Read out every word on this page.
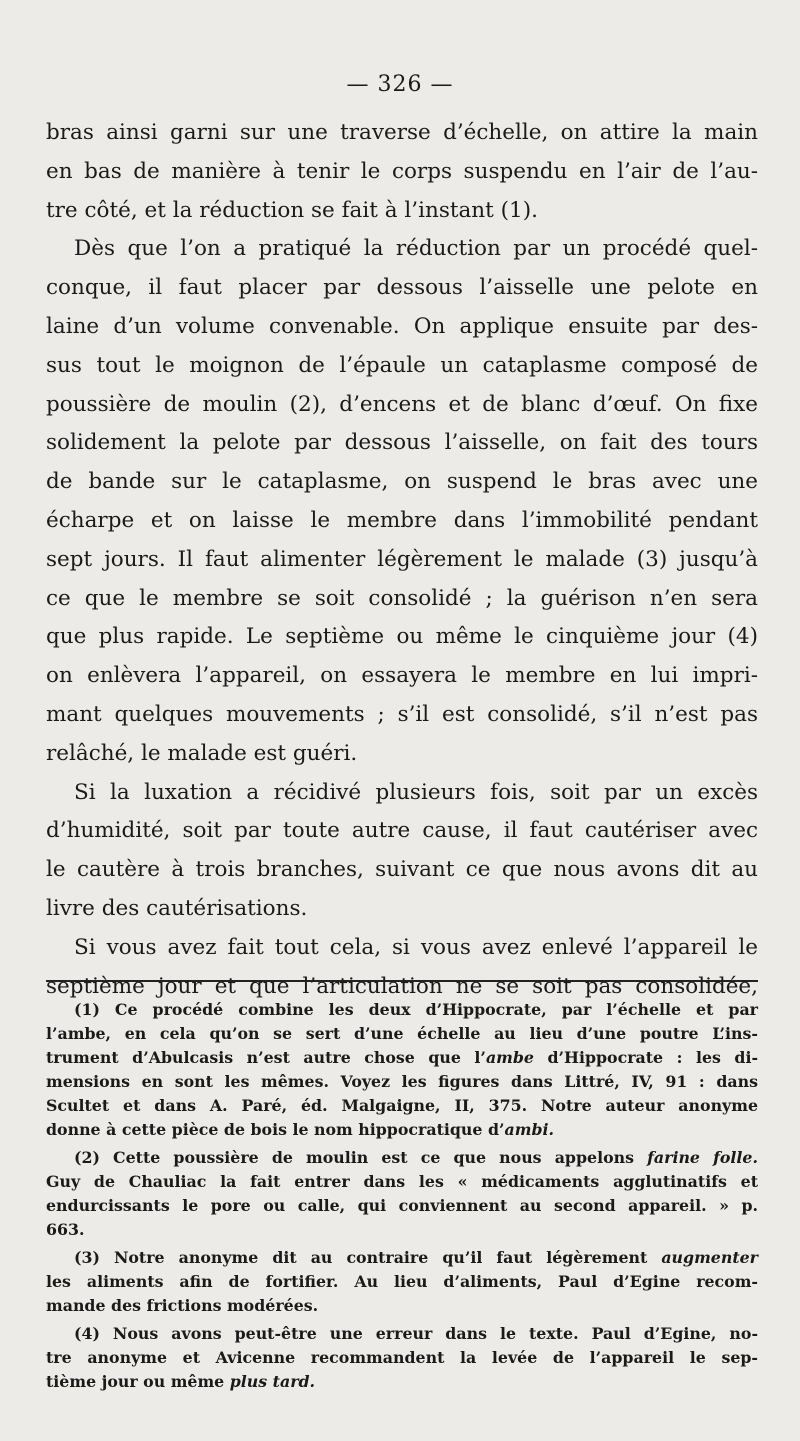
— 326 —

bras ainsi garni sur une traverse d’échelle, on attire la main
en bas de manière à tenir le corps suspendu en l’air de l’au-
tre côté, et la réduction se fait à l’instant (1).

Dès que l’on a pratiqué la réduction par un procédé quel-
conque, il faut placer par dessous l’aisselle une pelote en
laine d’un volume convenable. On applique ensuite par des-
sus tout le moignon de l’épaule un cataplasme composé de
poussière de moulin (2), d’encens et de blanc d’œuf. On fixe
solidement la pelote par dessous l’aisselle, on fait des tours
de bande sur le cataplasme, on suspend le bras avec une
écharpe et on laisse le membre dans l’immobilité pendant
sept jours. Il faut alimenter légèrement le malade (3) jusqu’à
ce que le membre se soit consolidé ; la guérison n’en sera
que plus rapide. Le septième ou même le cinquième jour (4)
on enlèvera l’appareil, on essayera le membre en lui impri-
mant quelques mouvements ; s’il est consolidé, s’il n’est pas
relâché, le malade est guéri.

Si la luxation a récidivé plusieurs fois, soit par un excès
d’humidité, soit par toute autre cause, il faut cautériser avec
le cautère à trois branches, suivant ce que nous avons dit au
livre des cautérisations.

Si vous avez fait tout cela, si vous avez enlevé l’appareil le
septième jour et que l’articulation ne se soit pas consolidée,

(1) Ce procédé combine les deux d’Hippocrate, par l’échelle et par
l’ambe, en cela qu’on se sert d’une échelle au lieu d’une poutre L’ins-
trument d’Abulcasis n’est autre chose que l’ambe d’Hippocrate : les di-
mensions en sont les mêmes. Voyez les figures dans Littré, IV, 91 : dans
Scultet et dans A. Paré, éd. Malgaigne, II, 375. Notre auteur anonyme
donne à cette pièce de bois le nom hippocratique d’ambi.
(2) Cette poussière de moulin est ce que nous appelons farine folle.
Guy de Chauliac la fait entrer dans les « médicaments agglutinatifs et
endurcissants le pore ou calle, qui conviennent au second appareil. » p.
663.
(3) Notre anonyme dit au contraire qu’il faut légèrement augmenter
les aliments afin de fortifier. Au lieu d’aliments, Paul d’Egine recom-
mande des frictions modérées.
(4) Nous avons peut-être une erreur dans le texte. Paul d’Egine, no-
tre anonyme et Avicenne recommandent la levée de l’appareil le sep-
tième jour ou même plus tard.
